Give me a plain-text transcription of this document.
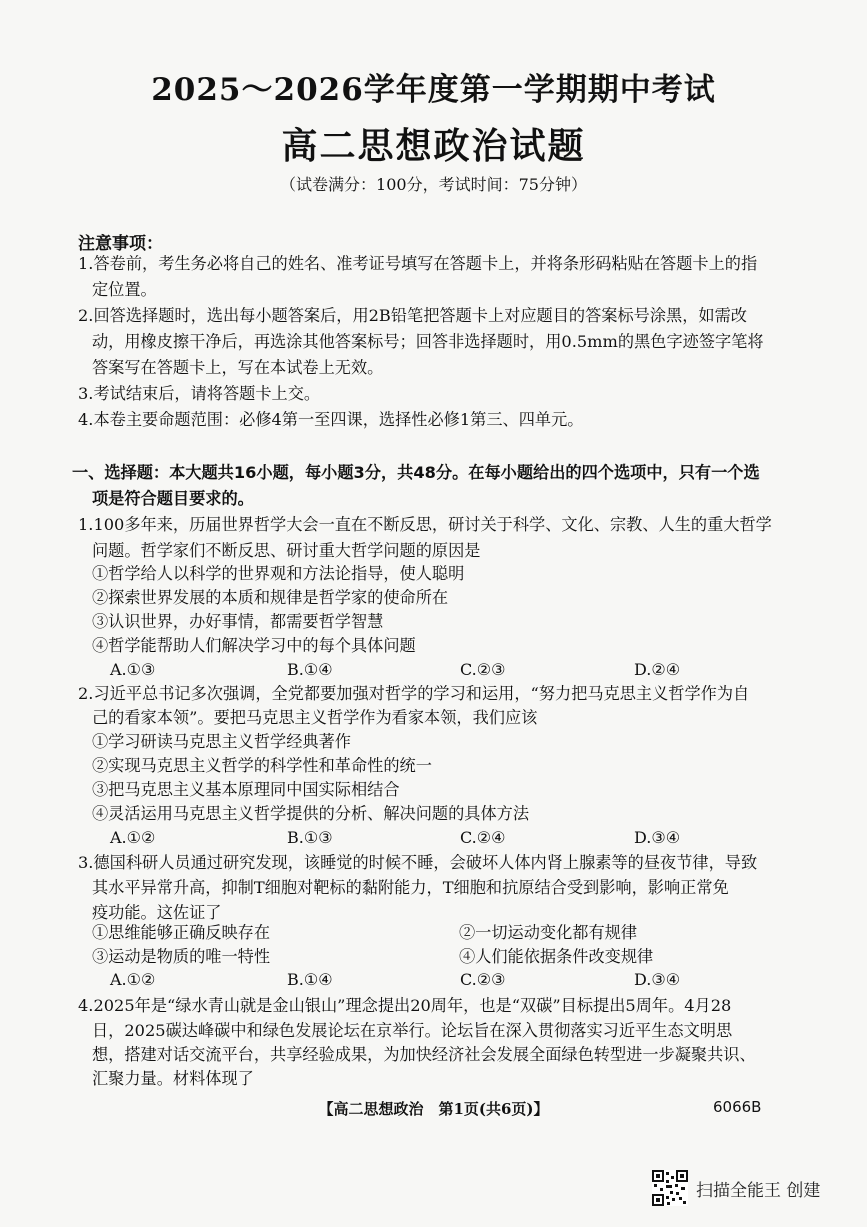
2025～2026学年度第一学期期中考试
高二思想政治试题
（试卷满分：100分，考试时间：75分钟）
注意事项：
1.答卷前，考生务必将自己的姓名、准考证号填写在答题卡上，并将条形码粘贴在答题卡上的指
定位置。
2.回答选择题时，选出每小题答案后，用2B铅笔把答题卡上对应题目的答案标号涂黑，如需改
动，用橡皮擦干净后，再选涂其他答案标号；回答非选择题时，用0.5mm的黑色字迹签字笔将
答案写在答题卡上，写在本试卷上无效。
3.考试结束后，请将答题卡上交。
4.本卷主要命题范围：必修4第一至四课，选择性必修1第三、四单元。
一、选择题：本大题共16小题，每小题3分，共48分。在每小题给出的四个选项中，只有一个选
项是符合题目要求的。
1.100多年来，历届世界哲学大会一直在不断反思，研讨关于科学、文化、宗教、人生的重大哲学
问题。哲学家们不断反思、研讨重大哲学问题的原因是
①哲学给人以科学的世界观和方法论指导，使人聪明
②探索世界发展的本质和规律是哲学家的使命所在
③认识世界，办好事情，都需要哲学智慧
④哲学能帮助人们解决学习中的每个具体问题
A.①③	B.①④	C.②③	D.②④
2.习近平总书记多次强调，全党都要加强对哲学的学习和运用，“努力把马克思主义哲学作为自
己的看家本领”。要把马克思主义哲学作为看家本领，我们应该
①学习研读马克思主义哲学经典著作
②实现马克思主义哲学的科学性和革命性的统一
③把马克思主义基本原理同中国实际相结合
④灵活运用马克思主义哲学提供的分析、解决问题的具体方法
A.①②	B.①③	C.②④	D.③④
3.德国科研人员通过研究发现，该睡觉的时候不睡，会破坏人体内肾上腺素等的昼夜节律，导致
其水平异常升高，抑制T细胞对靶标的黏附能力，T细胞和抗原结合受到影响，影响正常免
疫功能。这佐证了
①思维能够正确反映存在	②一切运动变化都有规律
③运动是物质的唯一特性	④人们能依据条件改变规律
A.①②	B.①④	C.②③	D.③④
4.2025年是“绿水青山就是金山银山”理念提出20周年，也是“双碳”目标提出5周年。4月28
日，2025碳达峰碳中和绿色发展论坛在京举行。论坛旨在深入贯彻落实习近平生态文明思
想，搭建对话交流平台，共享经验成果，为加快经济社会发展全面绿色转型进一步凝聚共识、
汇聚力量。材料体现了
【高二思想政治　第1页(共6页)】	6066B
扫描全能王 创建
